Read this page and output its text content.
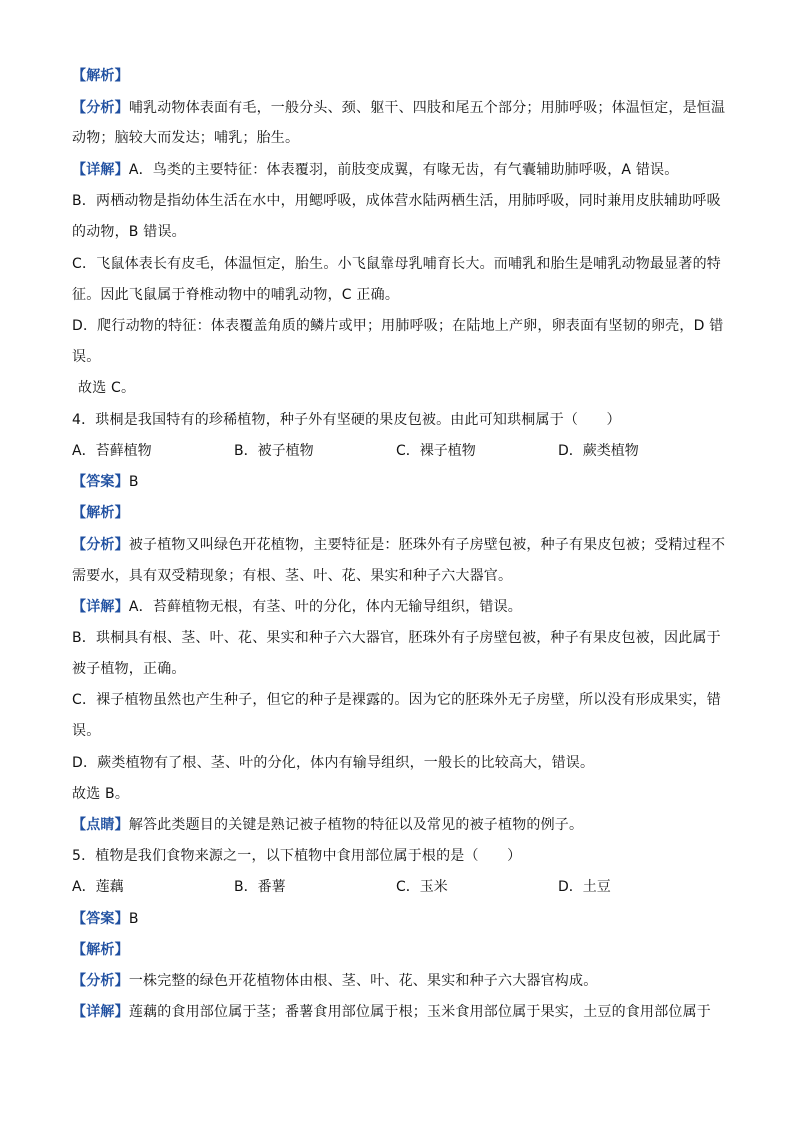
【解析】
【分析】哺乳动物体表面有毛，一般分头、颈、躯干、四肢和尾五个部分；用肺呼吸；体温恒定，是恒温
动物；脑较大而发达；哺乳；胎生。
【详解】A．鸟类的主要特征：体表覆羽，前肢变成翼，有喙无齿，有气囊辅助肺呼吸，A 错误。
B．两栖动物是指幼体生活在水中，用鳃呼吸，成体营水陆两栖生活，用肺呼吸，同时兼用皮肤辅助呼吸
的动物，B 错误。
C．飞鼠体表长有皮毛，体温恒定，胎生。小飞鼠靠母乳哺育长大。而哺乳和胎生是哺乳动物最显著的特
征。因此飞鼠属于脊椎动物中的哺乳动物，C 正确。
D．爬行动物的特征：体表覆盖角质的鳞片或甲；用肺呼吸；在陆地上产卵，卵表面有坚韧的卵壳，D 错
误。
故选 C。
4．珙桐是我国特有的珍稀植物，种子外有坚硬的果皮包被。由此可知珙桐属于（　　）
A．苔藓植物	B．被子植物	C．裸子植物	D．蕨类植物
【答案】B
【解析】
【分析】被子植物又叫绿色开花植物，主要特征是：胚珠外有子房壁包被，种子有果皮包被；受精过程不
需要水，具有双受精现象；有根、茎、叶、花、果实和种子六大器官。
【详解】A．苔藓植物无根，有茎、叶的分化，体内无输导组织，错误。
B．珙桐具有根、茎、叶、花、果实和种子六大器官，胚珠外有子房壁包被，种子有果皮包被，因此属于
被子植物，正确。
C．裸子植物虽然也产生种子，但它的种子是裸露的。因为它的胚珠外无子房壁，所以没有形成果实，错
误。
D．蕨类植物有了根、茎、叶的分化，体内有输导组织，一般长的比较高大，错误。
故选 B。
【点睛】解答此类题目的关键是熟记被子植物的特征以及常见的被子植物的例子。
5．植物是我们食物来源之一，以下植物中食用部位属于根的是（　　）
A．莲藕	B．番薯	C．玉米	D．土豆
【答案】B
【解析】
【分析】一株完整的绿色开花植物体由根、茎、叶、花、果实和种子六大器官构成。
【详解】莲藕的食用部位属于茎；番薯食用部位属于根；玉米食用部位属于果实，土豆的食用部位属于
